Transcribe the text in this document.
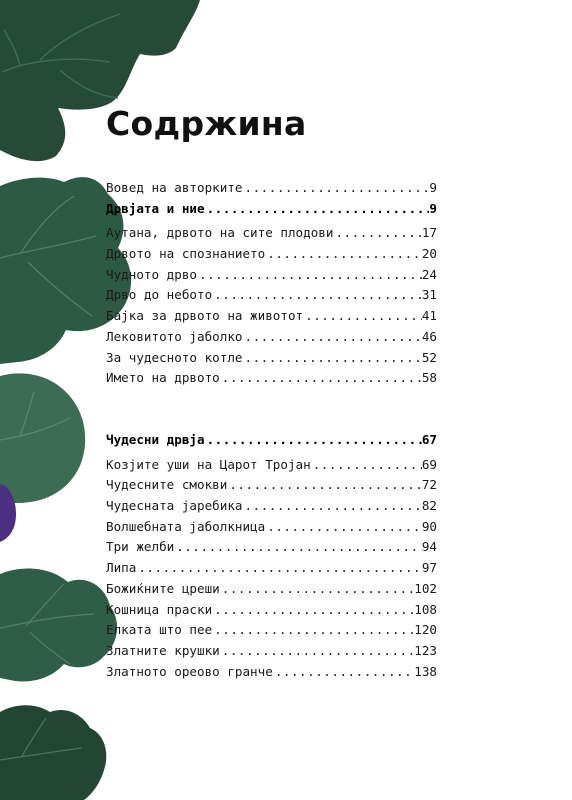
Содржина
Вовед на авторките .....	9
Дрвјата и ние .....	9
Аутана, дрвото на сите плодови .....	17
Дрвото на спознанието .....	20
Чудното дрво .....	24
Дрво до небото .....	31
Бајка за дрвото на животот .....	41
Лековитото јаболко .....	46
За чудесното котле .....	52
Името на дрвото .....	58
Чудесни дрвја .....	67
Козјите уши на Царот Тројан .....	69
Чудесните смокви .....	72
Чудесната јаребика .....	82
Волшебната јаболкница .....	90
Три желби .....	94
Липа .....	97
Божиќните цреши .....	102
Кошница праски .....	108
Елката што пее .....	120
Златните крушки .....	123
Златното ореово гранче .....	138
